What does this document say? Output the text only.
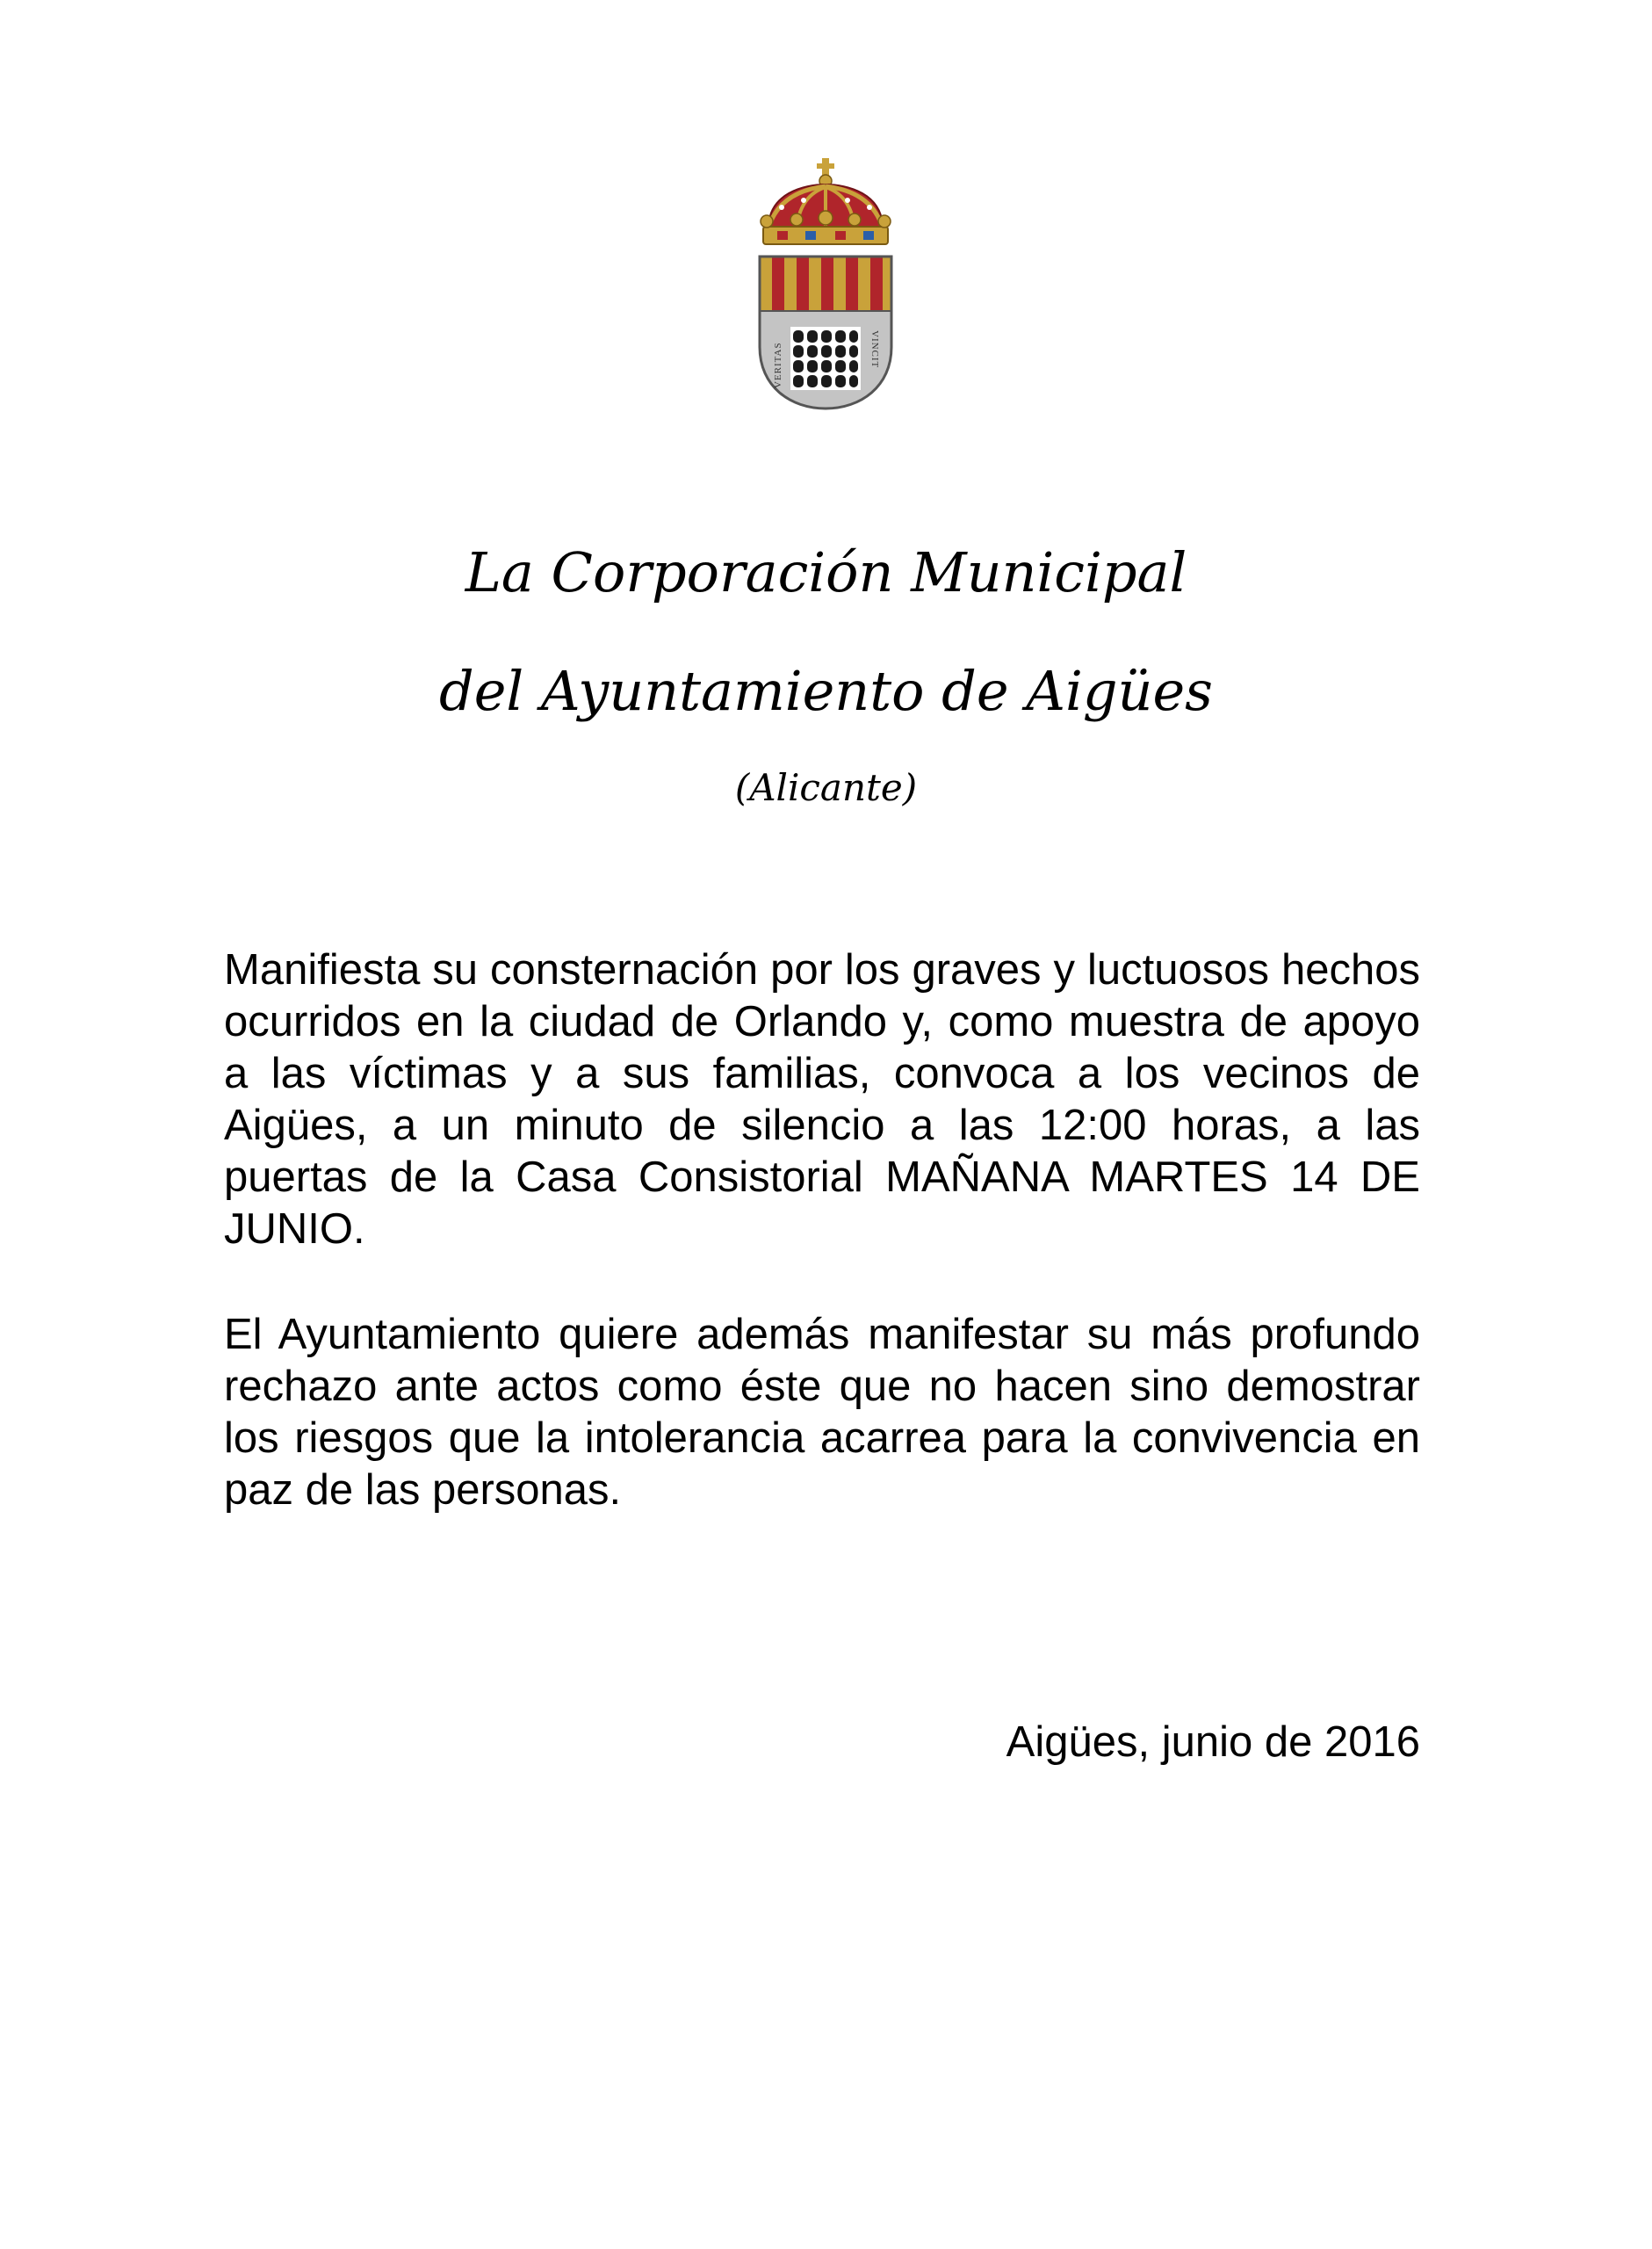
VERITAS	VINCIT
La Corporación Municipal
del Ayuntamiento de Aigües
(Alicante)

Manifiesta su consternación por los graves y luctuosos hechos ocurridos en la ciudad de Orlando y, como muestra de apoyo a las víctimas y a sus familias, convoca a los vecinos de Aigües, a un minuto de silencio a las 12:00 horas, a las puertas de la Casa Consistorial MAÑANA MARTES 14 DE JUNIO.

El Ayuntamiento quiere además manifestar su más profundo rechazo ante actos como éste que no hacen sino demostrar los riesgos que la intolerancia acarrea para la convivencia en paz de las personas.

Aigües, junio de 2016
